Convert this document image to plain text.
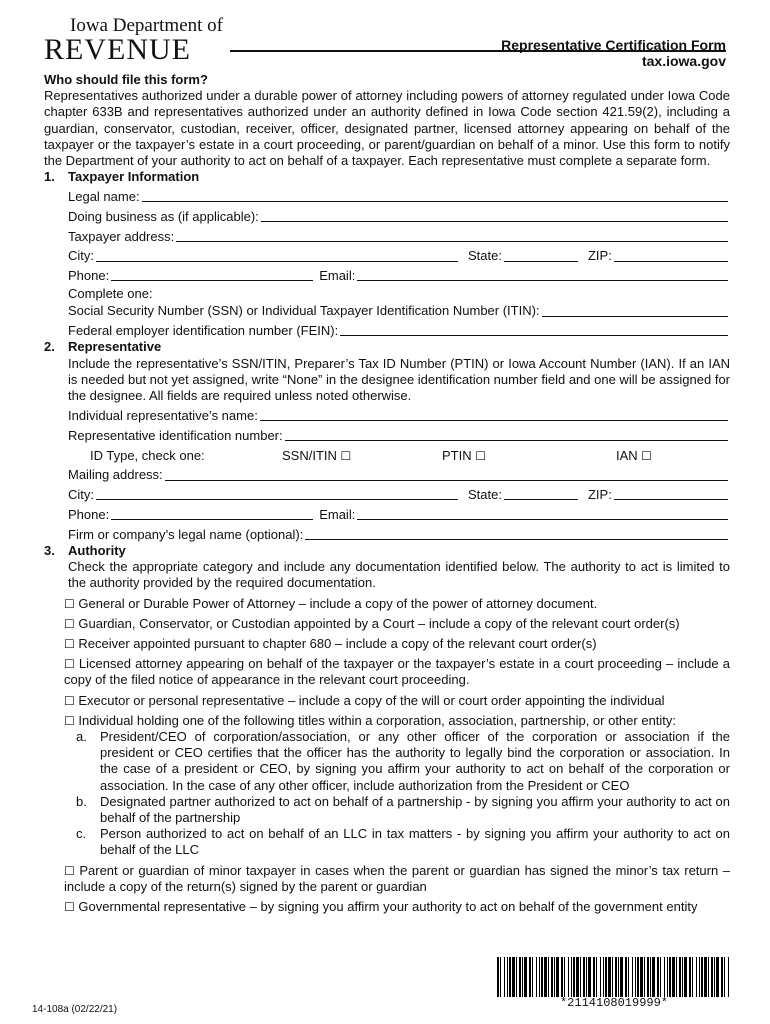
Iowa Department of
REVENUE	Representative Certification Form
tax.iowa.gov

Who should file this form?

Representatives authorized under a durable power of attorney including powers of attorney regulated under Iowa Code chapter 633B and representatives authorized under an authority defined in Iowa Code section 421.59(2), including a guardian, conservator, custodian, receiver, officer, designated partner, licensed attorney appearing on behalf of the taxpayer or the taxpayer’s estate in a court proceeding, or parent/guardian on behalf of a minor. Use this form to notify the Department of your authority to act on behalf of a taxpayer. Each representative must complete a separate form.

1. Taxpayer Information
Legal name:
Doing business as (if applicable):
Taxpayer address:
City:	State:	ZIP:
Phone:	Email:

Complete one:

Social Security Number (SSN) or Individual Taxpayer Identification Number (ITIN):
Federal employer identification number (FEIN):
2. Representative

Include the representative’s SSN/ITIN, Preparer’s Tax ID Number (PTIN) or Iowa Account Number (IAN). If an IAN is needed but not yet assigned, write “None” in the designee identification number field and one will be assigned for the designee. All fields are required unless noted otherwise.

Individual representative’s name:
Representative identification number:
ID Type, check one:	SSN/ITIN ☐	PTIN ☐	IAN ☐
Mailing address:
City:	State:	ZIP:
Phone:	Email:
Firm or company’s legal name (optional):
3. Authority

Check the appropriate category and include any documentation identified below. The authority to act is limited to the authority provided by the required documentation.

☐ General or Durable Power of Attorney – include a copy of the power of attorney document.

☐ Guardian, Conservator, or Custodian appointed by a Court – include a copy of the relevant court order(s)

☐ Receiver appointed pursuant to chapter 680 – include a copy of the relevant court order(s)

☐ Licensed attorney appearing on behalf of the taxpayer or the taxpayer’s estate in a court proceeding – include a copy of the filed notice of appearance in the relevant court proceeding.

☐ Executor or personal representative – include a copy of the will or court order appointing the individual

☐ Individual holding one of the following titles within a corporation, association, partnership, or other entity:

a.	President/CEO of corporation/association, or any other officer of the corporation or association if the president or CEO certifies that the officer has the authority to legally bind the corporation or association. In the case of a president or CEO, by signing you affirm your authority to act on behalf of the corporation or association. In the case of any other officer, include authorization from the President or CEO
b.	Designated partner authorized to act on behalf of a partnership - by signing you affirm your authority to act on behalf of the partnership
c.	Person authorized to act on behalf of an LLC in tax matters - by signing you affirm your authority to act on behalf of the LLC

☐ Parent or guardian of minor taxpayer in cases when the parent or guardian has signed the minor’s tax return – include a copy of the return(s) signed by the parent or guardian

☐ Governmental representative – by signing you affirm your authority to act on behalf of the government entity

*2114108019999*
14-108a (02/22/21)
